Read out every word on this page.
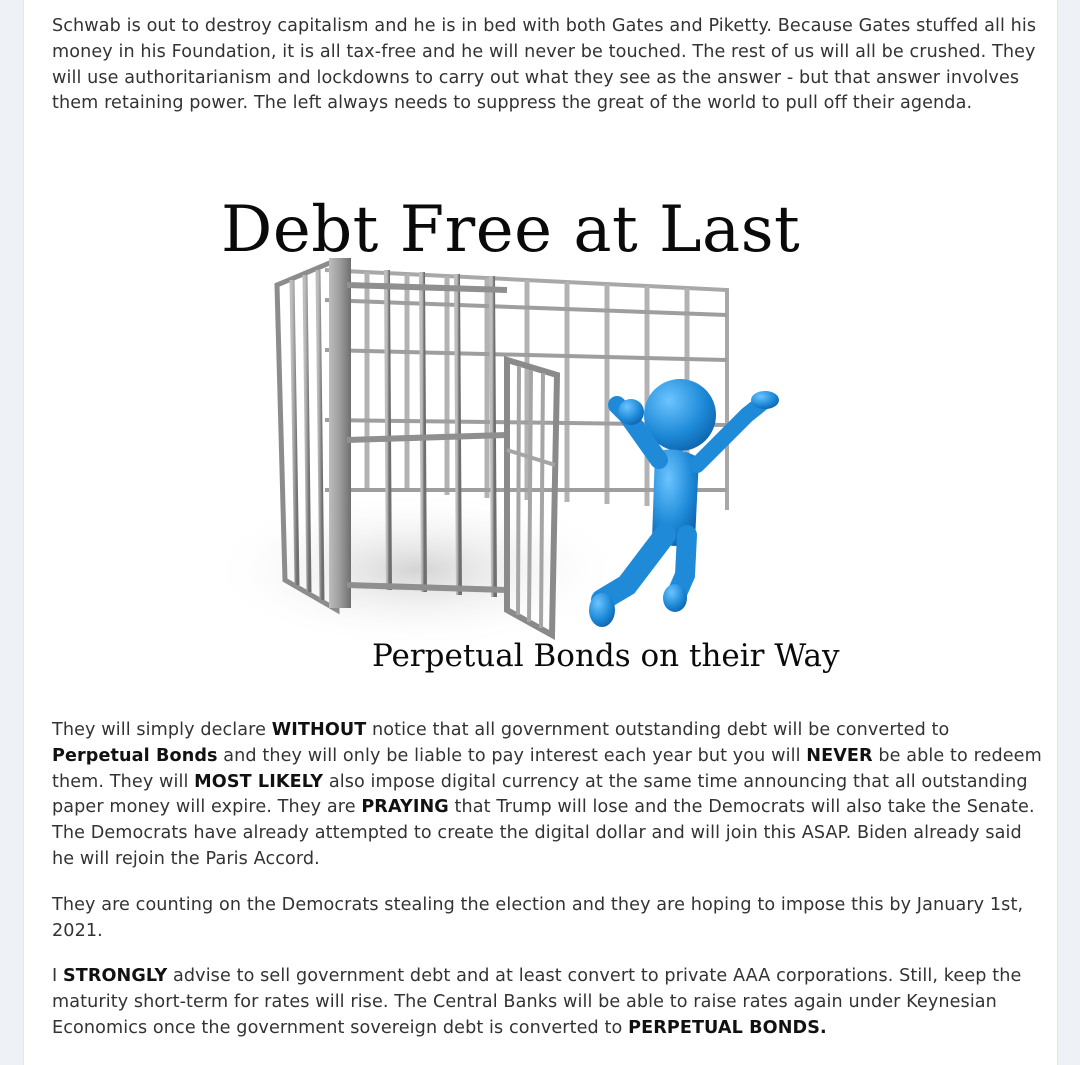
Schwab is out to destroy capitalism and he is in bed with both Gates and Piketty. Because Gates stuffed all his money in his Foundation, it is all tax-free and he will never be touched. The rest of us will all be crushed. They will use authoritarianism and lockdowns to carry out what they see as the answer - but that answer involves them retaining power. The left always needs to suppress the great of the world to pull off their agenda.

Debt Free at Last

Perpetual Bonds on their Way

They will simply declare WITHOUT notice that all government outstanding debt will be converted to Perpetual Bonds and they will only be liable to pay interest each year but you will NEVER be able to redeem them. They will MOST LIKELY also impose digital currency at the same time announcing that all outstanding paper money will expire. They are PRAYING that Trump will lose and the Democrats will also take the Senate. The Democrats have already attempted to create the digital dollar and will join this ASAP. Biden already said he will rejoin the Paris Accord.

They are counting on the Democrats stealing the election and they are hoping to impose this by January 1st, 2021.

I STRONGLY advise to sell government debt and at least convert to private AAA corporations. Still, keep the maturity short-term for rates will rise. The Central Banks will be able to raise rates again under Keynesian Economics once the government sovereign debt is converted to PERPETUAL BONDS.
